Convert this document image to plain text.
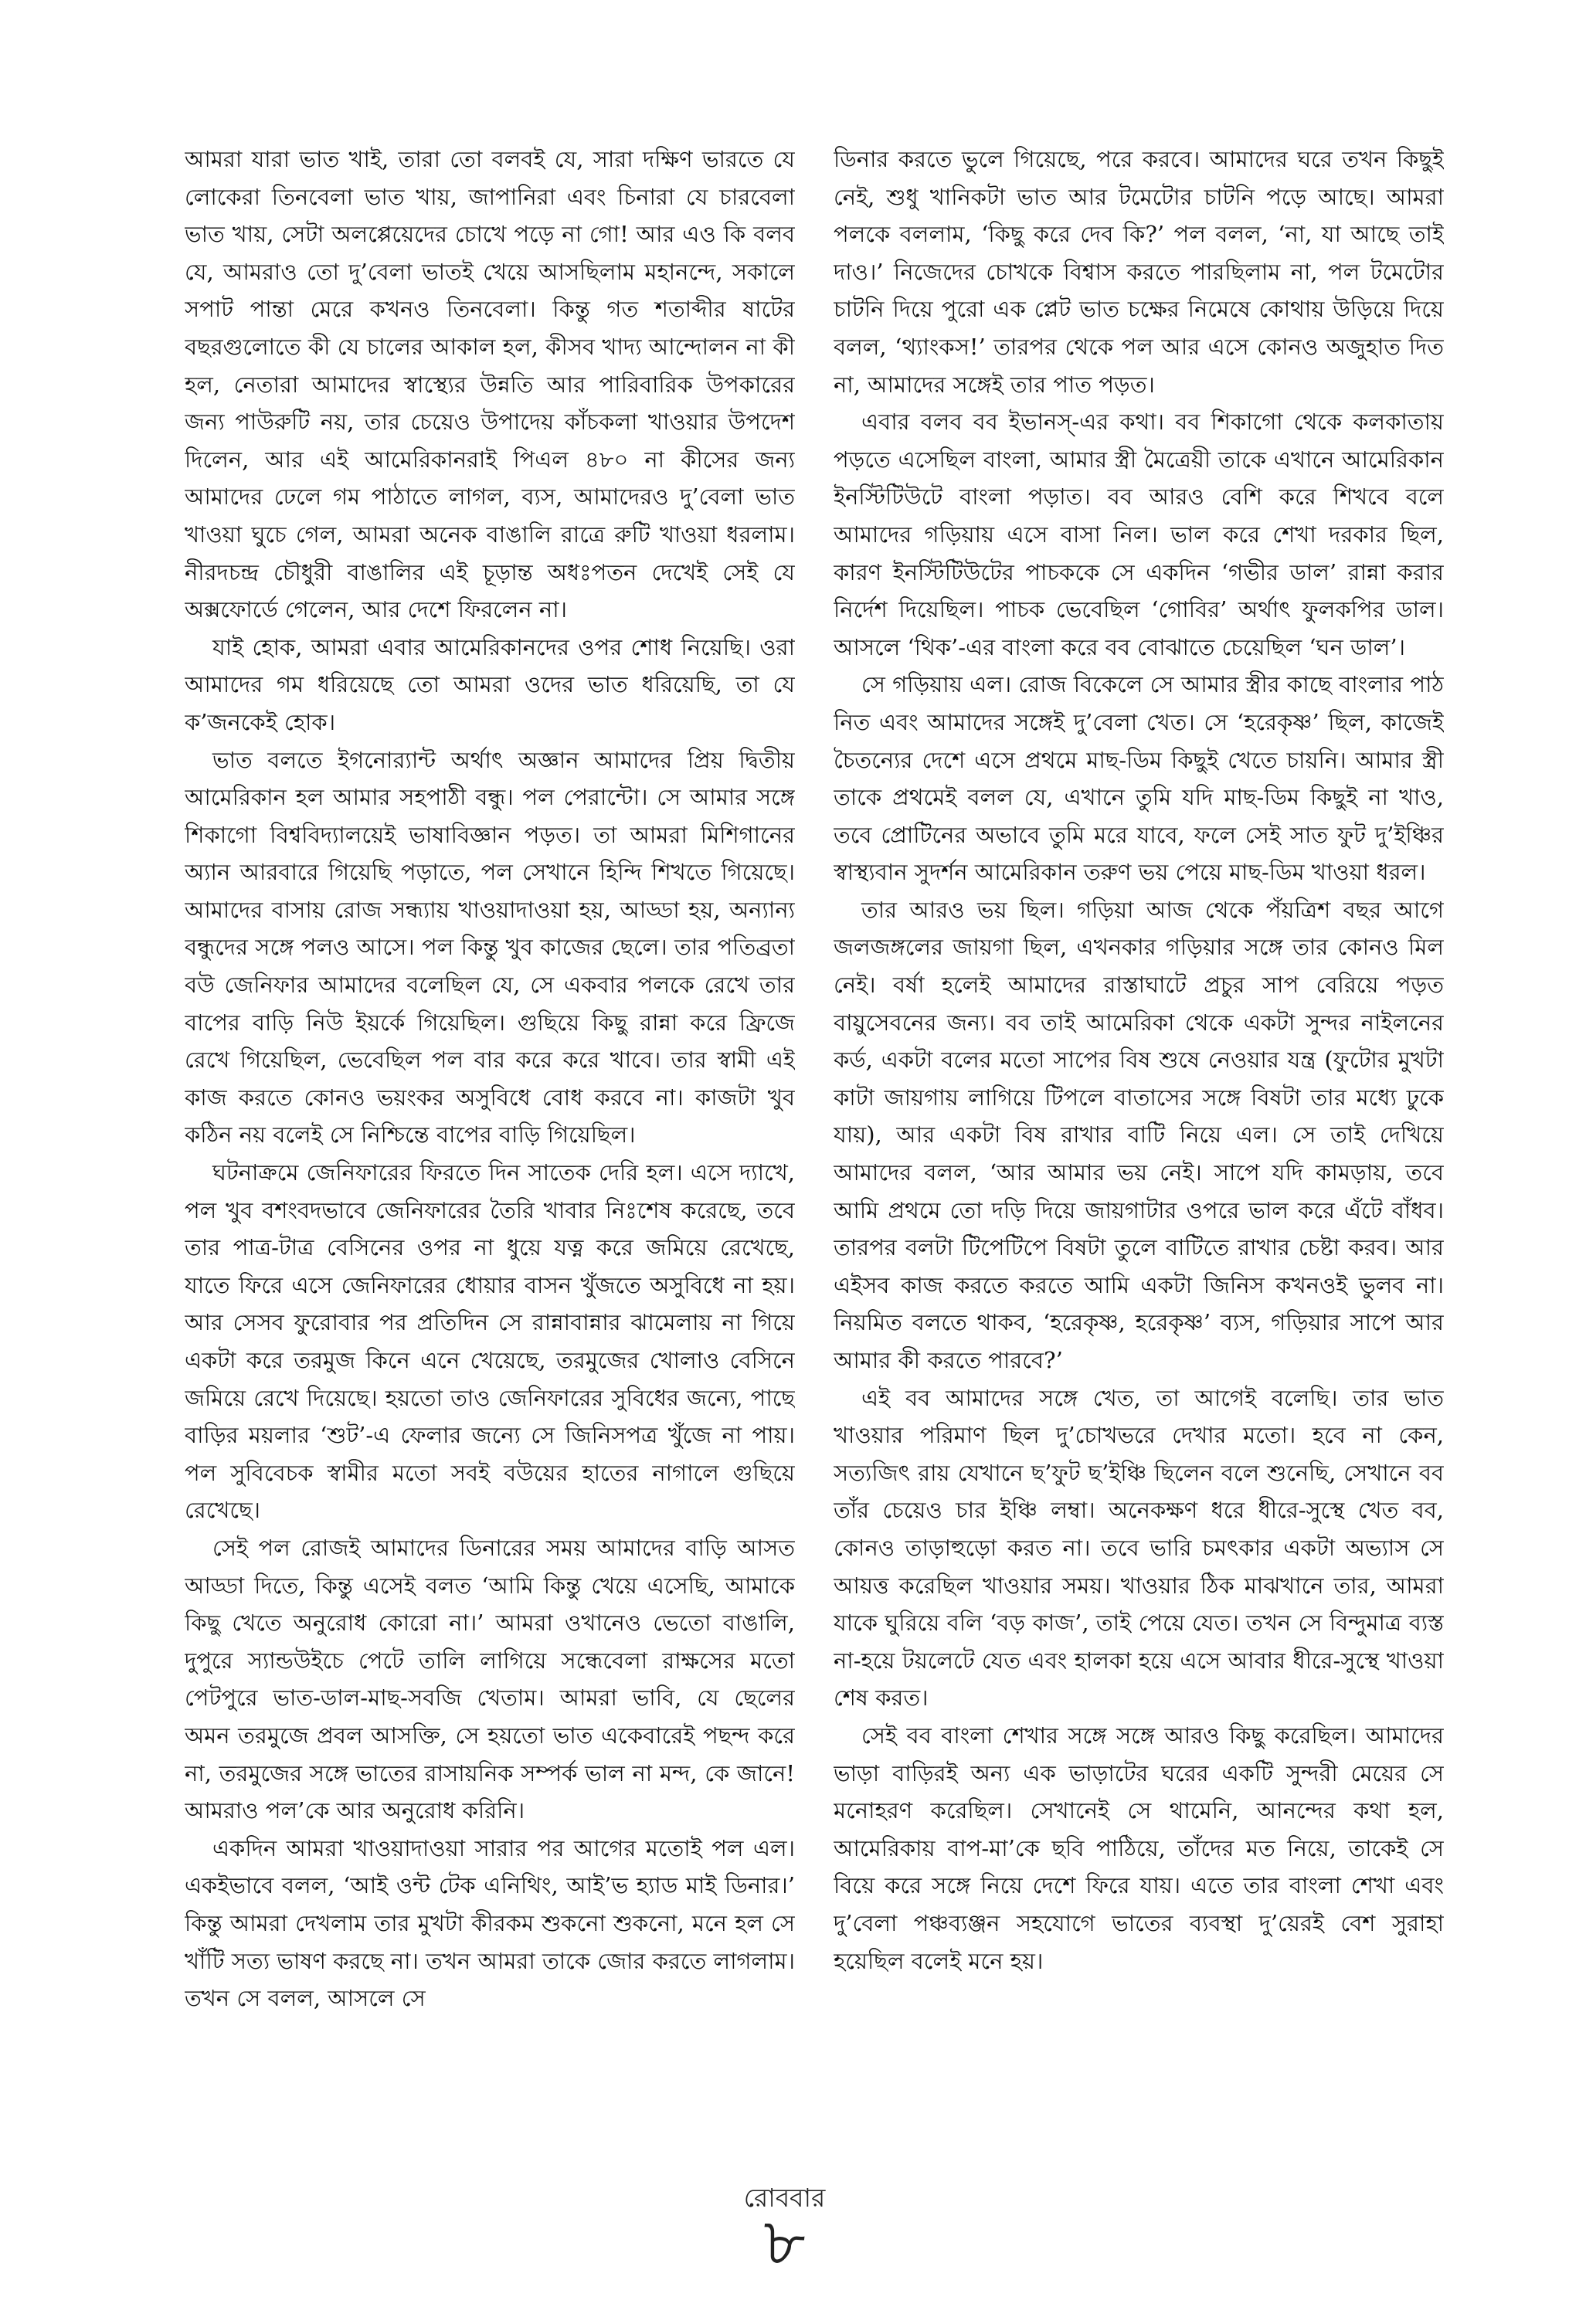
আমরা যারা ভাত খাই, তারা তো বলবই যে, সারা দক্ষিণ ভারতে যে লোকেরা তিনবেলা ভাত খায়, জাপানিরা এবং চিনারা যে চারবেলা ভাত খায়, সেটা অলপ্পেয়েদের চোখে পড়ে না গো! আর এও কি বলব যে, আমরাও তো দু’বেলা ভাতই খেয়ে আসছিলাম মহানন্দে, সকালে সপাট পান্তা মেরে কখনও তিনবেলা। কিন্তু গত শতাব্দীর ষাটের বছরগুলোতে কী যে চালের আকাল হল, কীসব খাদ্য আন্দোলন না কী হল, নেতারা আমাদের স্বাস্থ্যের উন্নতি আর পারিবারিক উপকারের জন্য পাউরুটি নয়, তার চেয়েও উপাদেয় কাঁচকলা খাওয়ার উপদেশ দিলেন, আর এই আমেরিকানরাই পিএল ৪৮০ না কীসের জন্য আমাদের ঢেলে গম পাঠাতে লাগল, ব্যস, আমাদেরও দু’বেলা ভাত খাওয়া ঘুচে গেল, আমরা অনেক বাঙালি রাত্রে রুটি খাওয়া ধরলাম। নীরদচন্দ্র চৌধুরী বাঙালির এই চূড়ান্ত অধঃপতন দেখেই সেই যে অক্সফোর্ডে গেলেন, আর দেশে ফিরলেন না।

যাই হোক, আমরা এবার আমেরিকানদের ওপর শোধ নিয়েছি। ওরা আমাদের গম ধরিয়েছে তো আমরা ওদের ভাত ধরিয়েছি, তা যে ক’জনকেই হোক।

ভাত বলতে ইগনোর‍্যান্ট অর্থাৎ অজ্ঞান আমাদের প্রিয় দ্বিতীয় আমেরিকান হল আমার সহপাঠী বন্ধু। পল পেরান্টো। সে আমার সঙ্গে শিকাগো বিশ্ববিদ্যালয়েই ভাষাবিজ্ঞান পড়ত। তা আমরা মিশিগানের অ্যান আরবারে গিয়েছি পড়াতে, পল সেখানে হিন্দি শিখতে গিয়েছে। আমাদের বাসায় রোজ সন্ধ্যায় খাওয়াদাওয়া হয়, আড্ডা হয়, অন্যান্য বন্ধুদের সঙ্গে পলও আসে। পল কিন্তু খুব কাজের ছেলে। তার পতিব্রতা বউ জেনিফার আমাদের বলেছিল যে, সে একবার পলকে রেখে তার বাপের বাড়ি নিউ ইয়র্কে গিয়েছিল। গুছিয়ে কিছু রান্না করে ফ্রিজে রেখে গিয়েছিল, ভেবেছিল পল বার করে করে খাবে। তার স্বামী এই কাজ করতে কোনও ভয়ংকর অসুবিধে বোধ করবে না। কাজটা খুব কঠিন নয় বলেই সে নিশ্চিন্তে বাপের বাড়ি গিয়েছিল।

ঘটনাক্রমে জেনিফারের ফিরতে দিন সাতেক দেরি হল। এসে দ্যাখে, পল খুব বশংবদভাবে জেনিফারের তৈরি খাবার নিঃশেষ করেছে, তবে তার পাত্র-টাত্র বেসিনের ওপর না ধুয়ে যত্ন করে জমিয়ে রেখেছে, যাতে ফিরে এসে জেনিফারের ধোয়ার বাসন খুঁজতে অসুবিধে না হয়। আর সেসব ফুরোবার পর প্রতিদিন সে রান্নাবান্নার ঝামেলায় না গিয়ে একটা করে তরমুজ কিনে এনে খেয়েছে, তরমুজের খোলাও বেসিনে জমিয়ে রেখে দিয়েছে। হয়তো তাও জেনিফারের সুবিধের জন্যে, পাছে বাড়ির ময়লার ‘শুট’-এ ফেলার জন্যে সে জিনিসপত্র খুঁজে না পায়। পল সুবিবেচক স্বামীর মতো সবই বউয়ের হাতের নাগালে গুছিয়ে রেখেছে।

সেই পল রোজই আমাদের ডিনারের সময় আমাদের বাড়ি আসত আড্ডা দিতে, কিন্তু এসেই বলত ‘আমি কিন্তু খেয়ে এসেছি, আমাকে কিছু খেতে অনুরোধ কোরো না।’ আমরা ওখানেও ভেতো বাঙালি, দুপুরে স্যান্ডউইচে পেটে তালি লাগিয়ে সন্ধেবেলা রাক্ষসের মতো পেটপুরে ভাত-ডাল-মাছ-সবজি খেতাম। আমরা ভাবি, যে ছেলের অমন তরমুজে প্রবল আসক্তি, সে হয়তো ভাত একেবারেই পছন্দ করে না, তরমুজের সঙ্গে ভাতের রাসায়নিক সম্পর্ক ভাল না মন্দ, কে জানে! আমরাও পল’কে আর অনুরোধ করিনি।

একদিন আমরা খাওয়াদাওয়া সারার পর আগের মতোই পল এল। একইভাবে বলল, ‘আই ওন্ট টেক এনিথিং, আই’ভ হ্যাড মাই ডিনার।’ কিন্তু আমরা দেখলাম তার মুখটা কীরকম শুকনো শুকনো, মনে হল সে খাঁটি সত্য ভাষণ করছে না। তখন আমরা তাকে জোর করতে লাগলাম। তখন সে বলল, আসলে সে

ডিনার করতে ভুলে গিয়েছে, পরে করবে। আমাদের ঘরে তখন কিছুই নেই, শুধু খানিকটা ভাত আর টমেটোর চাটনি পড়ে আছে। আমরা পলকে বললাম, ‘কিছু করে দেব কি?’ পল বলল, ‘না, যা আছে তাই দাও।’ নিজেদের চোখকে বিশ্বাস করতে পারছিলাম না, পল টমেটোর চাটনি দিয়ে পুরো এক প্লেট ভাত চক্ষের নিমেষে কোথায় উড়িয়ে দিয়ে বলল, ‘থ্যাংকস!’ তারপর থেকে পল আর এসে কোনও অজুহাত দিত না, আমাদের সঙ্গেই তার পাত পড়ত।

এবার বলব বব ইভানস্-এর কথা। বব শিকাগো থেকে কলকাতায় পড়তে এসেছিল বাংলা, আমার স্ত্রী মৈত্রেয়ী তাকে এখানে আমেরিকান ইনস্টিটিউটে বাংলা পড়াত। বব আরও বেশি করে শিখবে বলে আমাদের গড়িয়ায় এসে বাসা নিল। ভাল করে শেখা দরকার ছিল, কারণ ইনস্টিটিউটের পাচককে সে একদিন ‘গভীর ডাল’ রান্না করার নির্দেশ দিয়েছিল। পাচক ভেবেছিল ‘গোবির’ অর্থাৎ ফুলকপির ডাল। আসলে ‘থিক’-এর বাংলা করে বব বোঝাতে চেয়েছিল ‘ঘন ডাল’।

সে গড়িয়ায় এল। রোজ বিকেলে সে আমার স্ত্রীর কাছে বাংলার পাঠ নিত এবং আমাদের সঙ্গেই দু’বেলা খেত। সে ‘হরেকৃষ্ণ’ ছিল, কাজেই চৈতন্যের দেশে এসে প্রথমে মাছ-ডিম কিছুই খেতে চায়নি। আমার স্ত্রী তাকে প্রথমেই বলল যে, এখানে তুমি যদি মাছ-ডিম কিছুই না খাও, তবে প্রোটিনের অভাবে তুমি মরে যাবে, ফলে সেই সাত ফুট দু’ইঞ্চির স্বাস্থ্যবান সুদর্শন আমেরিকান তরুণ ভয় পেয়ে মাছ-ডিম খাওয়া ধরল।

তার আরও ভয় ছিল। গড়িয়া আজ থেকে পঁয়ত্রিশ বছর আগে জলজঙ্গলের জায়গা ছিল, এখনকার গড়িয়ার সঙ্গে তার কোনও মিল নেই। বর্ষা হলেই আমাদের রাস্তাঘাটে প্রচুর সাপ বেরিয়ে পড়ত বায়ুসেবনের জন্য। বব তাই আমেরিকা থেকে একটা সুন্দর নাইলনের কর্ড, একটা বলের মতো সাপের বিষ শুষে নেওয়ার যন্ত্র (ফুটোর মুখটা কাটা জায়গায় লাগিয়ে টিপলে বাতাসের সঙ্গে বিষটা তার মধ্যে ঢুকে যায়), আর একটা বিষ রাখার বাটি নিয়ে এল। সে তাই দেখিয়ে আমাদের বলল, ‘আর আমার ভয় নেই। সাপে যদি কামড়ায়, তবে আমি প্রথমে তো দড়ি দিয়ে জায়গাটার ওপরে ভাল করে এঁটে বাঁধব। তারপর বলটা টিপেটিপে বিষটা তুলে বাটিতে রাখার চেষ্টা করব। আর এইসব কাজ করতে করতে আমি একটা জিনিস কখনওই ভুলব না। নিয়মিত বলতে থাকব, ‘হরেকৃষ্ণ, হরেকৃষ্ণ’ ব্যস, গড়িয়ার সাপে আর আমার কী করতে পারবে?’

এই বব আমাদের সঙ্গে খেত, তা আগেই বলেছি। তার ভাত খাওয়ার পরিমাণ ছিল দু’চোখভরে দেখার মতো। হবে না কেন, সত্যজিৎ রায় যেখানে ছ’ফুট ছ’ইঞ্চি ছিলেন বলে শুনেছি, সেখানে বব তাঁর চেয়েও চার ইঞ্চি লম্বা। অনেকক্ষণ ধরে ধীরে-সুস্থে খেত বব, কোনও তাড়াহুড়ো করত না। তবে ভারি চমৎকার একটা অভ্যাস সে আয়ত্ত করেছিল খাওয়ার সময়। খাওয়ার ঠিক মাঝখানে তার, আমরা যাকে ঘুরিয়ে বলি ‘বড় কাজ’, তাই পেয়ে যেত। তখন সে বিন্দুমাত্র ব্যস্ত না-হয়ে টয়লেটে যেত এবং হালকা হয়ে এসে আবার ধীরে-সুস্থে খাওয়া শেষ করত।

সেই বব বাংলা শেখার সঙ্গে সঙ্গে আরও কিছু করেছিল। আমাদের ভাড়া বাড়িরই অন্য এক ভাড়াটের ঘরের একটি সুন্দরী মেয়ের সে মনোহরণ করেছিল। সেখানেই সে থামেনি, আনন্দের কথা হল, আমেরিকায় বাপ-মা’কে ছবি পাঠিয়ে, তাঁদের মত নিয়ে, তাকেই সে বিয়ে করে সঙ্গে নিয়ে দেশে ফিরে যায়। এতে তার বাংলা শেখা এবং দু’বেলা পঞ্চব্যঞ্জন সহযোগে ভাতের ব্যবস্থা দু’য়েরই বেশ সুরাহা হয়েছিল বলেই মনে হয়।

রোববার
৮
